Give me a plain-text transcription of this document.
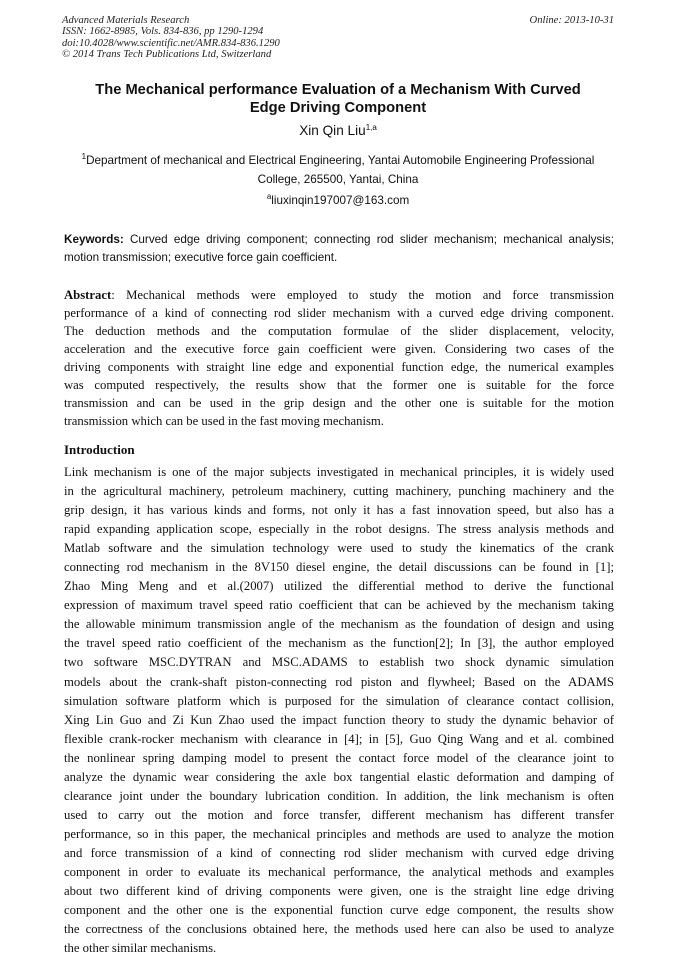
Advanced Materials Research	Online: 2013-10-31
ISSN: 1662-8985, Vols. 834-836, pp 1290-1294
doi:10.4028/www.scientific.net/AMR.834-836.1290
© 2014 Trans Tech Publications Ltd, Switzerland
The Mechanical performance Evaluation of a Mechanism With Curved
Edge Driving Component
Xin Qin Liu$^{1,a}$
$^1$Department of mechanical and Electrical Engineering, Yantai Automobile Engineering Professional
College, 265500, Yantai, China
$^a$liuxinqin197007@163.com
Keywords: Curved edge driving component; connecting rod slider mechanism; mechanical analysis; motion transmission; executive force gain coefficient.
Abstract: Mechanical methods were employed to study the motion and force transmission
performance of a kind of connecting rod slider mechanism with a curved edge driving component.
The deduction methods and the computation formulae of the slider displacement, velocity,
acceleration and the executive force gain coefficient were given. Considering two cases of the
driving components with straight line edge and exponential function edge, the numerical examples
was computed respectively, the results show that the former one is suitable for the force
transmission and can be used in the grip design and the other one is suitable for the motion
transmission which can be used in the fast moving mechanism.
Introduction
Link mechanism is one of the major subjects investigated in mechanical principles, it is widely used
in the agricultural machinery, petroleum machinery, cutting machinery, punching machinery and the
grip design, it has various kinds and forms, not only it has a fast innovation speed, but also has a
rapid expanding application scope, especially in the robot designs. The stress analysis methods and
Matlab software and the simulation technology were used to study the kinematics of the crank
connecting rod mechanism in the 8V150 diesel engine, the detail discussions can be found in [1];
Zhao Ming Meng and et al.(2007) utilized the differential method to derive the functional
expression of maximum travel speed ratio coefficient that can be achieved by the mechanism taking
the allowable minimum transmission angle of the mechanism as the foundation of design and using
the travel speed ratio coefficient of the mechanism as the function[2]; In [3], the author employed
two software MSC.DYTRAN and MSC.ADAMS to establish two shock dynamic simulation
models about the crank-shaft piston-connecting rod piston and flywheel; Based on the ADAMS
simulation software platform which is purposed for the simulation of clearance contact collision,
Xing Lin Guo and Zi Kun Zhao used the impact function theory to study the dynamic behavior of
flexible crank-rocker mechanism with clearance in [4]; in [5], Guo Qing Wang and et al. combined
the nonlinear spring damping model to present the contact force model of the clearance joint to
analyze the dynamic wear considering the axle box tangential elastic deformation and damping of
clearance joint under the boundary lubrication condition. In addition, the link mechanism is often
used to carry out the motion and force transfer, different mechanism has different transfer
performance, so in this paper, the mechanical principles and methods are used to analyze the motion
and force transmission of a kind of connecting rod slider mechanism with curved edge driving
component in order to evaluate its mechanical performance, the analytical methods and examples
about two different kind of driving components were given, one is the straight line edge driving
component and the other one is the exponential function curve edge component, the results show
the correctness of the conclusions obtained here, the methods used here can also be used to analyze
the other similar mechanisms.
